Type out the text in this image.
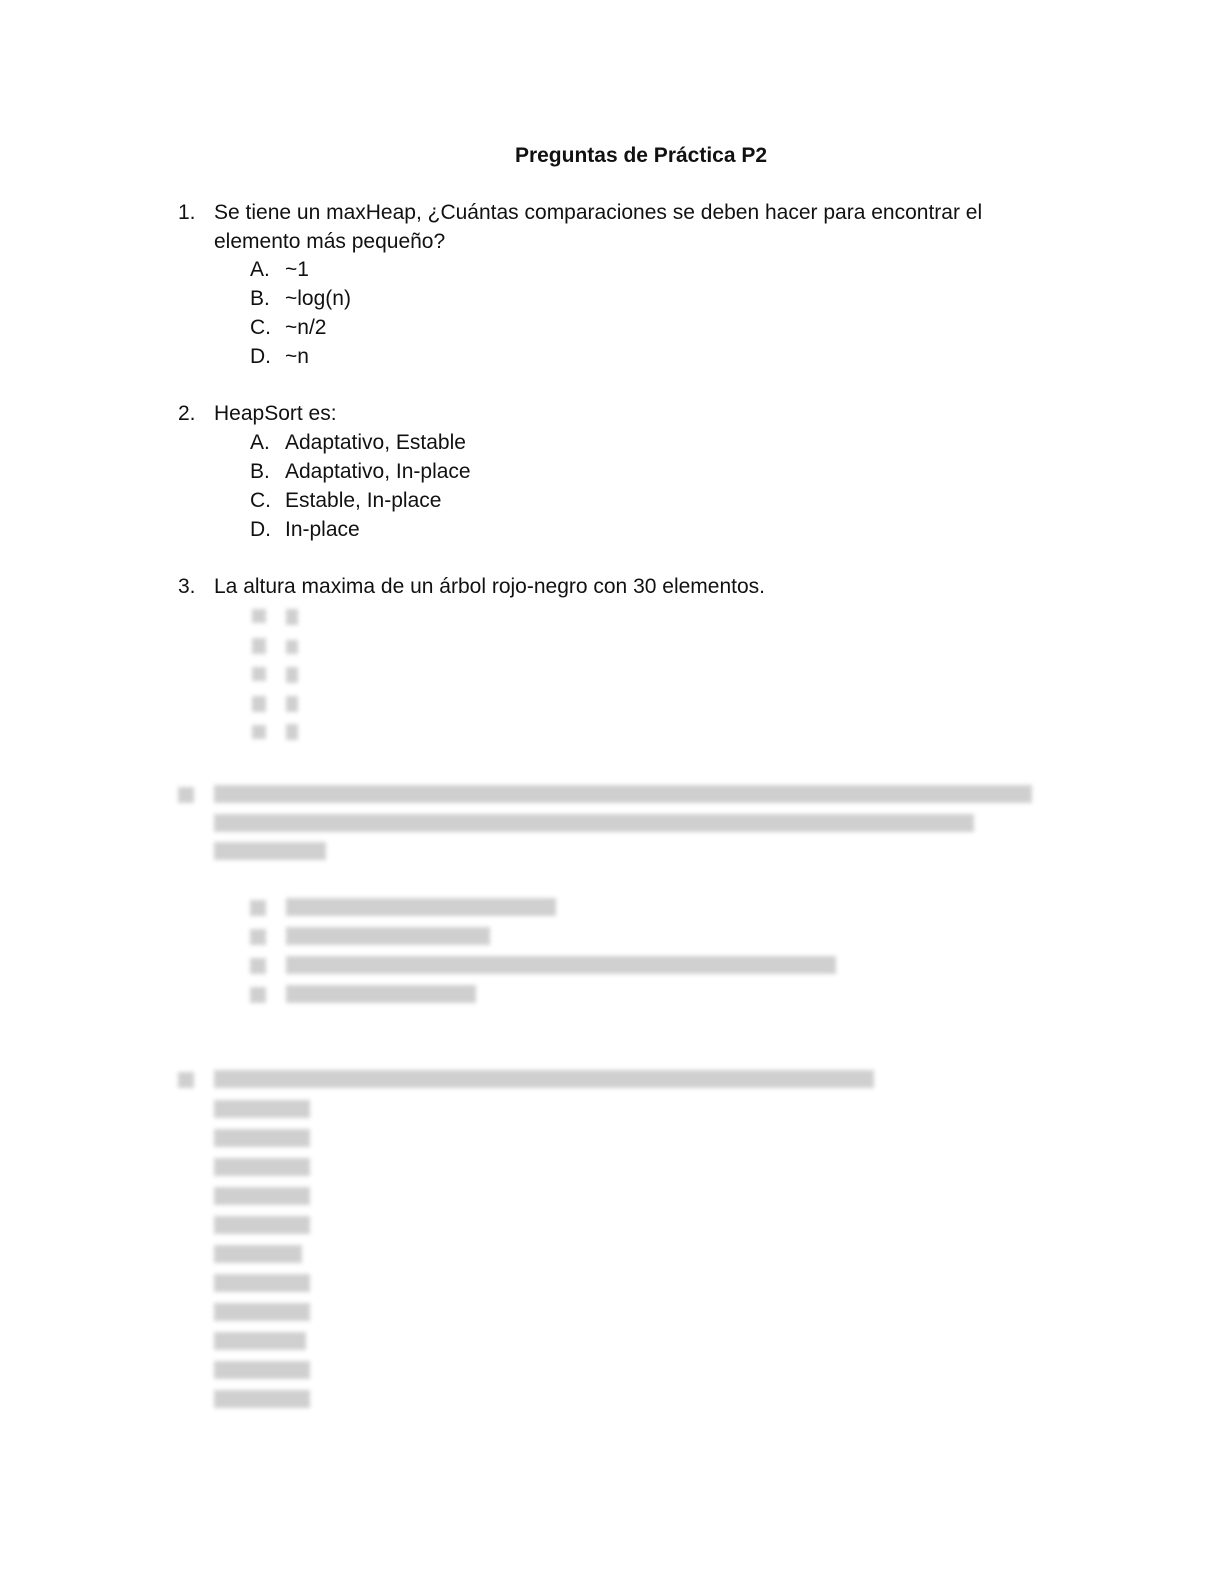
Preguntas de Práctica P2
1. Se tiene un maxHeap, ¿Cuántas comparaciones se deben hacer para encontrar el elemento más pequeño?
A. ~1
B. ~log(n)
C. ~n/2
D. ~n
2. HeapSort es:
A. Adaptativo, Estable
B. Adaptativo, In-place
C. Estable, In-place
D. In-place
3. La altura maxima de un árbol rojo-negro con 30 elementos.
